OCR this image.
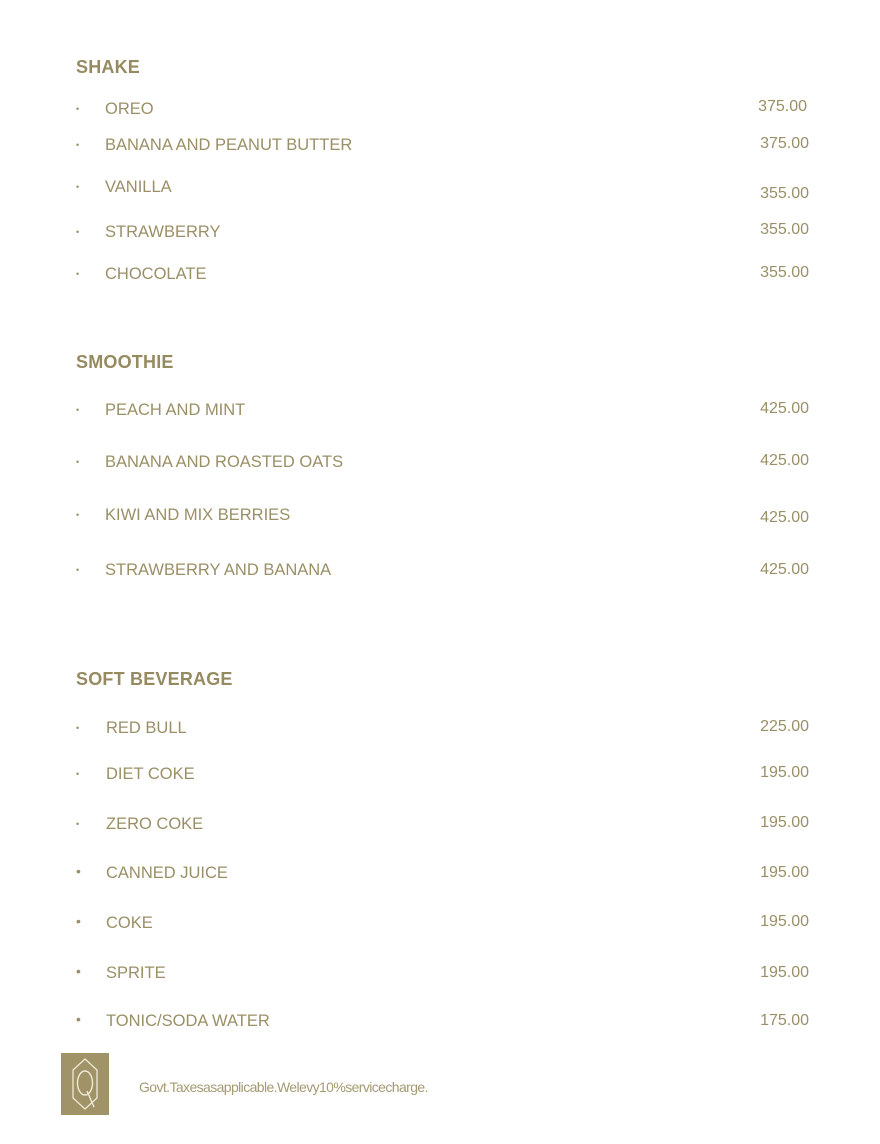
SHAKE
• OREO	375.00
• BANANA AND PEANUT BUTTER	375.00
• VANILLA	355.00
• STRAWBERRY	355.00
• CHOCOLATE	355.00
SMOOTHIE
• PEACH AND MINT	425.00
• BANANA AND ROASTED OATS	425.00
• KIWI AND MIX BERRIES	425.00
• STRAWBERRY AND BANANA	425.00
SOFT BEVERAGE
• RED BULL	225.00
• DIET COKE	195.00
• ZERO COKE	195.00
• CANNED JUICE	195.00
• COKE	195.00
• SPRITE	195.00
• TONIC/SODA WATER	175.00
Govt.Taxesasapplicable.Welevy10%servicecharge.
